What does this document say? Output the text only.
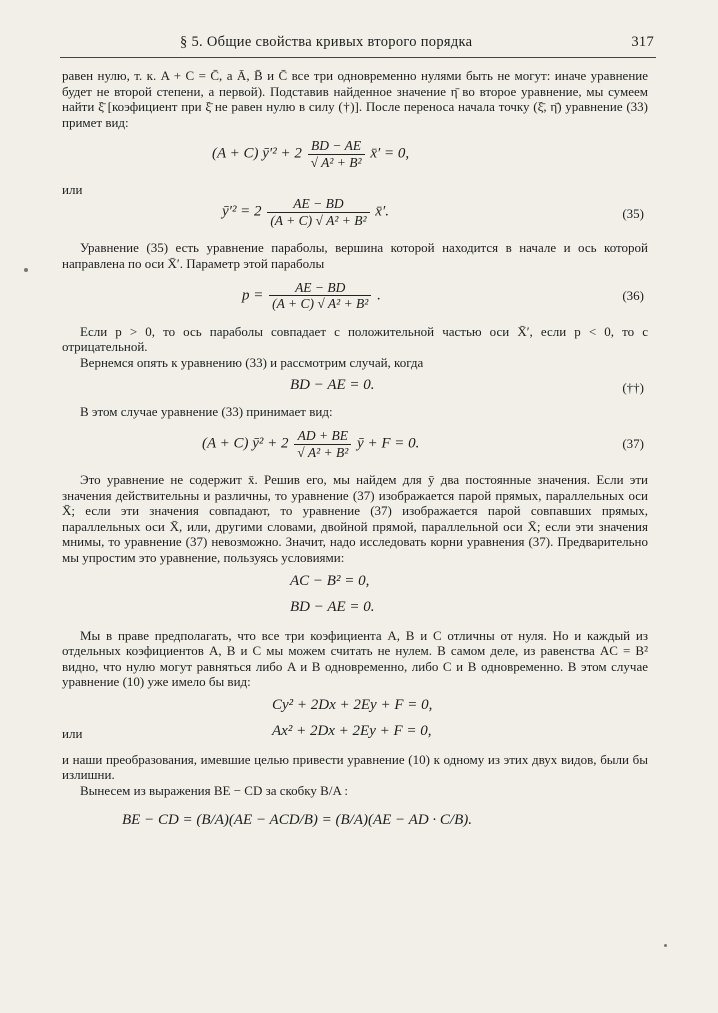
§ 5. Общие свойства кривых второго порядка	317

равен нулю, т. к. A + C = C̄, а Ā, B̄ и C̄ все три одновременно нулями быть не могут: иначе уравнение будет не второй степени, а первой). Подставив найденное значение η̄ во второе уравнение, мы сумеем найти ξ̄ [коэфициент при ξ̄ не равен нулю в силу (†)]. После переноса начала точку (ξ̄, η̄) уравнение (33) примет вид:

(A + C) ȳ′² + $2 \frac{BD - AE}{\text{√ A² + B²}}$ x̄′ = 0,
или
ȳ′² = $2 \frac{AE - BD}{\text{(A + C) √ A² + B²}}$ x̄′.	(35)

Уравнение (35) есть уравнение параболы, вершина которой находится в начале и ось которой направлена по оси X̄′. Параметр этой параболы

$p = \frac{AE - BD}{\text{(A + C) √ A² + B²}}$ .	(36)

Если p > 0, то ось параболы совпадает с положительной частью оси X̄′, если p < 0, то с отрицательной.

Вернемся опять к уравнению (33) и рассмотрим случай, когда

BD − AE = 0.	(††)

В этом случае уравнение (33) принимает вид:

(A + C) ȳ² + $2 \frac{AD + BE}{\text{√ A² + B²}}$ ȳ + F = 0.	(37)

Это уравнение не содержит x̄. Решив его, мы найдем для ȳ два постоянные значения. Если эти значения действительны и различны, то уравнение (37) изображается парой прямых, параллельных оси X̄; если эти значения совпадают, то уравнение (37) изображается парой совпавших прямых, параллельных оси X̄, или, другими словами, двойной прямой, параллельной оси X̄; если эти значения мнимы, то уравнение (37) невозможно. Значит, надо исследовать корни уравнения (37). Предварительно мы упростим это уравнение, пользуясь условиями:

AC − B² = 0,
BD − AE = 0.

Мы в праве предполагать, что все три коэфициента A, B и C отличны от нуля. Но и каждый из отдельных коэфициентов A, B и C мы можем считать не нулем. В самом деле, из равенства AC = B² видно, что нулю могут равняться либо A и B одновременно, либо C и B одновременно. В этом случае уравнение (10) уже имело бы вид:

Cy² + 2Dx + 2Ey + F = 0,
или	Ax² + 2Dx + 2Ey + F = 0,

и наши преобразования, имевшие целью привести уравнение (10) к одному из этих двух видов, были бы излишни.

Вынесем из выражения BE − CD за скобку B/A :

BE − CD = (B/A)(AE − ACD/B) = (B/A)(AE − AD · C/B).
